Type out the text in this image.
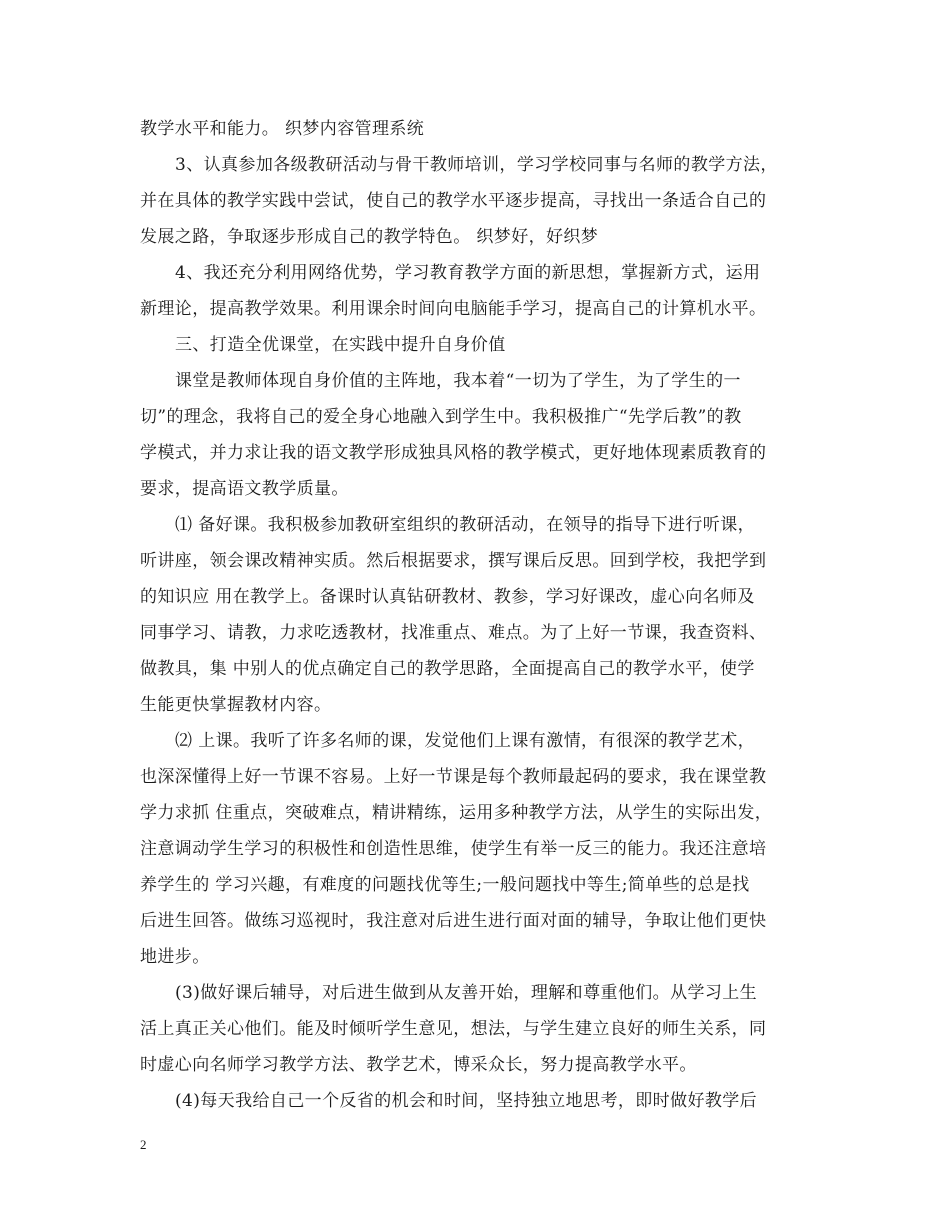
教学水平和能力。 织梦内容管理系统
3、认真参加各级教研活动与骨干教师培训，学习学校同事与名师的教学方法，
并在具体的教学实践中尝试，使自己的教学水平逐步提高，寻找出一条适合自己的
发展之路，争取逐步形成自己的教学特色。 织梦好，好织梦
4、我还充分利用网络优势，学习教育教学方面的新思想，掌握新方式，运用
新理论，提高教学效果。利用课余时间向电脑能手学习，提高自己的计算机水平。
三、打造全优课堂，在实践中提升自身价值
课堂是教师体现自身价值的主阵地，我本着“一切为了学生，为了学生的一
切”的理念，我将自己的爱全身心地融入到学生中。我积极推广“先学后教”的教
学模式，并力求让我的语文教学形成独具风格的教学模式，更好地体现素质教育的
要求，提高语文教学质量。
⑴ 备好课。我积极参加教研室组织的教研活动，在领导的指导下进行听课，
听讲座，领会课改精神实质。然后根据要求，撰写课后反思。回到学校，我把学到
的知识应 用在教学上。备课时认真钻研教材、教参，学习好课改，虚心向名师及
同事学习、请教，力求吃透教材，找准重点、难点。为了上好一节课，我查资料、
做教具，集 中别人的优点确定自己的教学思路，全面提高自己的教学水平，使学
生能更快掌握教材内容。
⑵ 上课。我听了许多名师的课，发觉他们上课有激情，有很深的教学艺术，
也深深懂得上好一节课不容易。上好一节课是每个教师最起码的要求，我在课堂教
学力求抓 住重点，突破难点，精讲精练，运用多种教学方法，从学生的实际出发，
注意调动学生学习的积极性和创造性思维，使学生有举一反三的能力。我还注意培
养学生的 学习兴趣，有难度的问题找优等生;一般问题找中等生;简单些的总是找
后进生回答。做练习巡视时，我注意对后进生进行面对面的辅导，争取让他们更快
地进步。
(3)做好课后辅导，对后进生做到从友善开始，理解和尊重他们。从学习上生
活上真正关心他们。能及时倾听学生意见，想法，与学生建立良好的师生关系，同
时虚心向名师学习教学方法、教学艺术，博采众长，努力提高教学水平。
(4)每天我给自己一个反省的机会和时间，坚持独立地思考，即时做好教学后
2
